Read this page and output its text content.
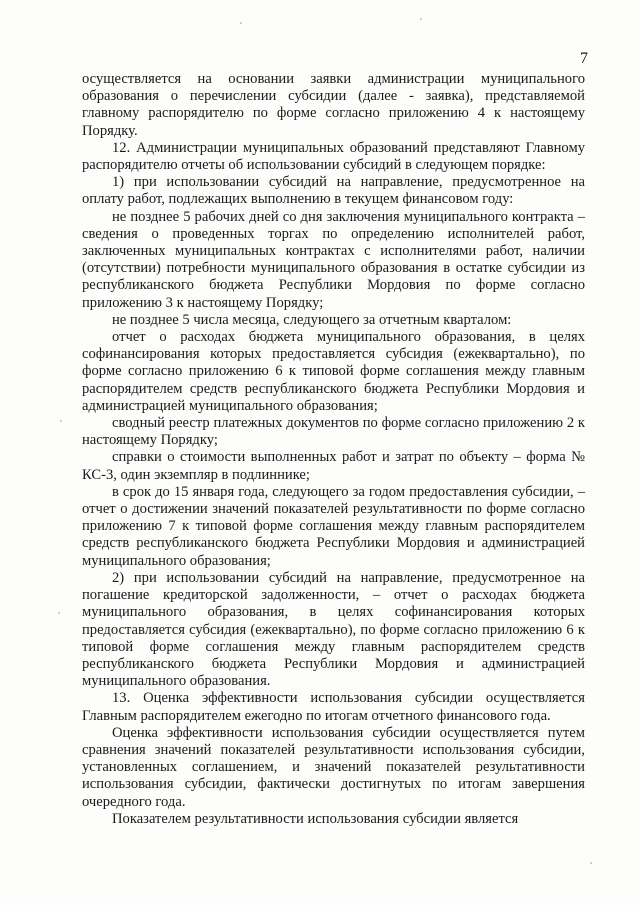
7

осуществляется на основании заявки администрации муниципального образования о перечислении субсидии (далее - заявка), представляемой главному распорядителю по форме согласно приложению 4 к настоящему Порядку.

12. Администрации муниципальных образований представляют Главному распорядителю отчеты об использовании субсидий в следующем порядке:

1) при использовании субсидий на направление, предусмотренное на оплату работ, подлежащих выполнению в текущем финансовом году:

не позднее 5 рабочих дней со дня заключения муниципального контракта – сведения о проведенных торгах по определению исполнителей работ, заключенных муниципальных контрактах с исполнителями работ, наличии (отсутствии) потребности муниципального образования в остатке субсидии из республиканского бюджета Республики Мордовия по форме согласно приложению 3 к настоящему Порядку;

не позднее 5 числа месяца, следующего за отчетным кварталом:

отчет о расходах бюджета муниципального образования, в целях софинансирования которых предоставляется субсидия (ежеквартально), по форме согласно приложению 6 к типовой форме соглашения между главным распорядителем средств республиканского бюджета Республики Мордовия и администрацией муниципального образования;

сводный реестр платежных документов по форме согласно приложению 2 к настоящему Порядку;

справки о стоимости выполненных работ и затрат по объекту – форма № КС-3, один экземпляр в подлиннике;

в срок до 15 января года, следующего за годом предоставления субсидии, – отчет о достижении значений показателей результативности по форме согласно приложению 7 к типовой форме соглашения между главным распорядителем средств республиканского бюджета Республики Мордовия и администрацией муниципального образования;

2) при использовании субсидий на направление, предусмотренное на погашение кредиторской задолженности, – отчет о расходах бюджета муниципального образования, в целях софинансирования которых предоставляется субсидия (ежеквартально), по форме согласно приложению 6 к типовой форме соглашения между главным распорядителем средств республиканского бюджета Республики Мордовия и администрацией муниципального образования.

13. Оценка эффективности использования субсидии осуществляется Главным распорядителем ежегодно по итогам отчетного финансового года.

Оценка эффективности использования субсидии осуществляется путем сравнения значений показателей результативности использования субсидии, установленных соглашением, и значений показателей результативности использования субсидии, фактически достигнутых по итогам завершения очередного года.

Показателем результативности использования субсидии является
